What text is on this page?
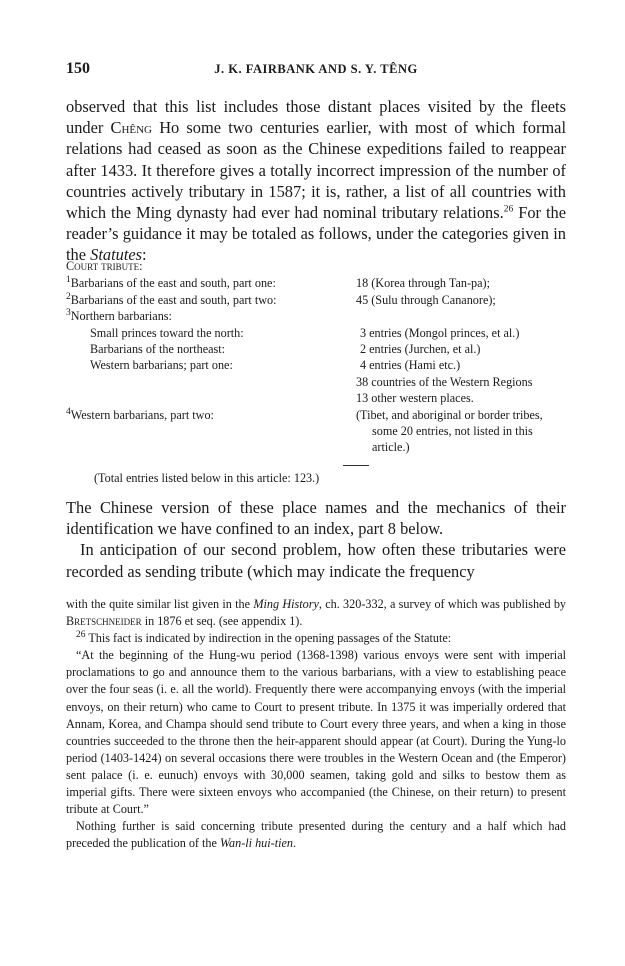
150	J. K. FAIRBANK AND S. Y. TÊNG

observed that this list includes those distant places visited by the fleets under Chêng Ho some two centuries earlier, with most of which formal relations had ceased as soon as the Chinese expeditions failed to reappear after 1433. It therefore gives a totally incorrect impression of the number of countries actively tributary in 1587; it is, rather, a list of all countries with which the Ming dynasty had ever had nominal tributary relations.$^{26}$ For the reader’s guidance it may be totaled as follows, under the categories given in the Statutes:

Court tribute:
$^1$Barbarians of the east and south, part one:	18 (Korea through Tan-pa);
$^2$Barbarians of the east and south, part two:	45 (Sulu through Cananore);
$^3$Northern barbarians:
Small princes toward the north:	3 entries (Mongol princes, et al.)
Barbarians of the northeast:	2 entries (Jurchen, et al.)
Western barbarians; part one:	4 entries (Hami etc.)
38 countries of the Western Regions
13 other western places.
$^4$Western barbarians, part two:	(Tibet, and aboriginal or border tribes, some 20 entries, not listed in this article.)
(Total entries listed below in this article: 123.)

The Chinese version of these place names and the mechanics of their identification we have confined to an index, part 8 below.

In anticipation of our second problem, how often these tributaries were recorded as sending tribute (which may indicate the frequency

with the quite similar list given in the Ming History, ch. 320-332, a survey of which was published by Bretschneider in 1876 et seq. (see appendix 1).

$^{26}$ This fact is indicated by indirection in the opening passages of the Statute:

“At the beginning of the Hung-wu period (1368-1398) various envoys were sent with imperial proclamations to go and announce them to the various barbarians, with a view to establishing peace over the four seas (i. e. all the world). Frequently there were accompanying envoys (with the imperial envoys, on their return) who came to Court to present tribute. In 1375 it was imperially ordered that Annam, Korea, and Champa should send tribute to Court every three years, and when a king in those countries succeeded to the throne then the heir-apparent should appear (at Court). During the Yung-lo period (1403-1424) on several occasions there were troubles in the Western Ocean and (the Emperor) sent palace (i. e. eunuch) envoys with 30,000 seamen, taking gold and silks to bestow them as imperial gifts. There were sixteen envoys who accompanied (the Chinese, on their return) to present tribute at Court.”

Nothing further is said concerning tribute presented during the century and a half which had preceded the publication of the Wan-li hui-tien.
